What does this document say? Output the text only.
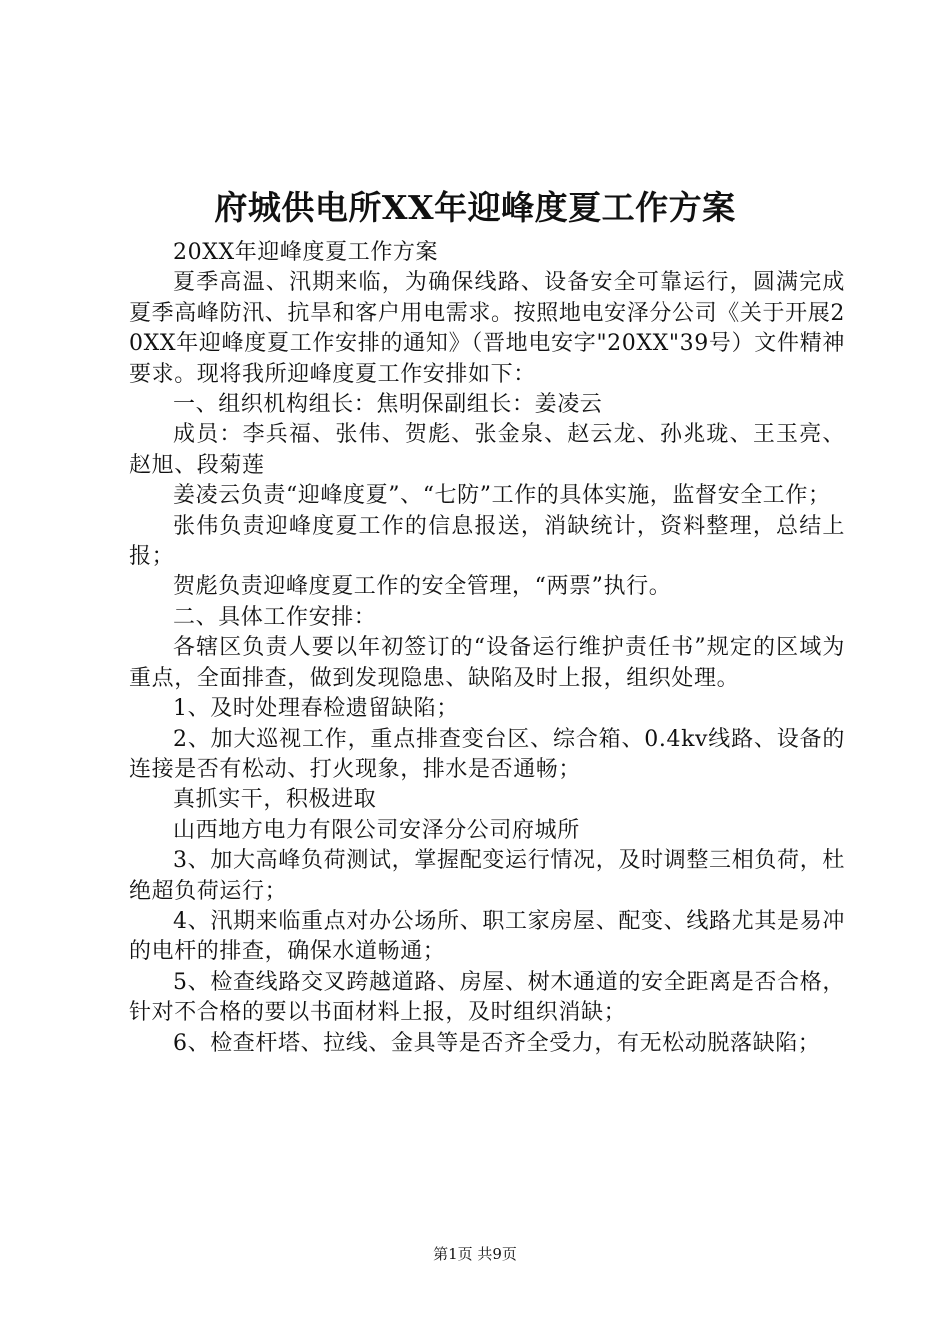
府城供电所XX年迎峰度夏工作方案

20XX年迎峰度夏工作方案

夏季高温、汛期来临，为确保线路、设备安全可靠运行，圆满完成夏季高峰防汛、抗旱和客户用电需求。按照地电安泽分公司《关于开展20XX年迎峰度夏工作安排的通知》（晋地电安字"20XX"39号）文件精神要求。现将我所迎峰度夏工作安排如下：

一、组织机构组长：焦明保副组长：姜凌云

成员：李兵福、张伟、贺彪、张金泉、赵云龙、孙兆珑、王玉亮、赵旭、段菊莲

姜凌云负责“迎峰度夏”、“七防”工作的具体实施，监督安全工作；

张伟负责迎峰度夏工作的信息报送，消缺统计，资料整理，总结上报；

贺彪负责迎峰度夏工作的安全管理，“两票”执行。

二、具体工作安排：

各辖区负责人要以年初签订的“设备运行维护责任书”规定的区域为重点，全面排查，做到发现隐患、缺陷及时上报，组织处理。

1、及时处理春检遗留缺陷；

2、加大巡视工作，重点排查变台区、综合箱、0.4kv线路、设备的连接是否有松动、打火现象，排水是否通畅；

真抓实干，积极进取

山西地方电力有限公司安泽分公司府城所

3、加大高峰负荷测试，掌握配变运行情况，及时调整三相负荷，杜绝超负荷运行；

4、汛期来临重点对办公场所、职工家房屋、配变、线路尤其是易冲的电杆的排查，确保水道畅通；

5、检查线路交叉跨越道路、房屋、树木通道的安全距离是否合格，针对不合格的要以书面材料上报，及时组织消缺；

6、检查杆塔、拉线、金具等是否齐全受力，有无松动脱落缺陷；

第1页 共9页
